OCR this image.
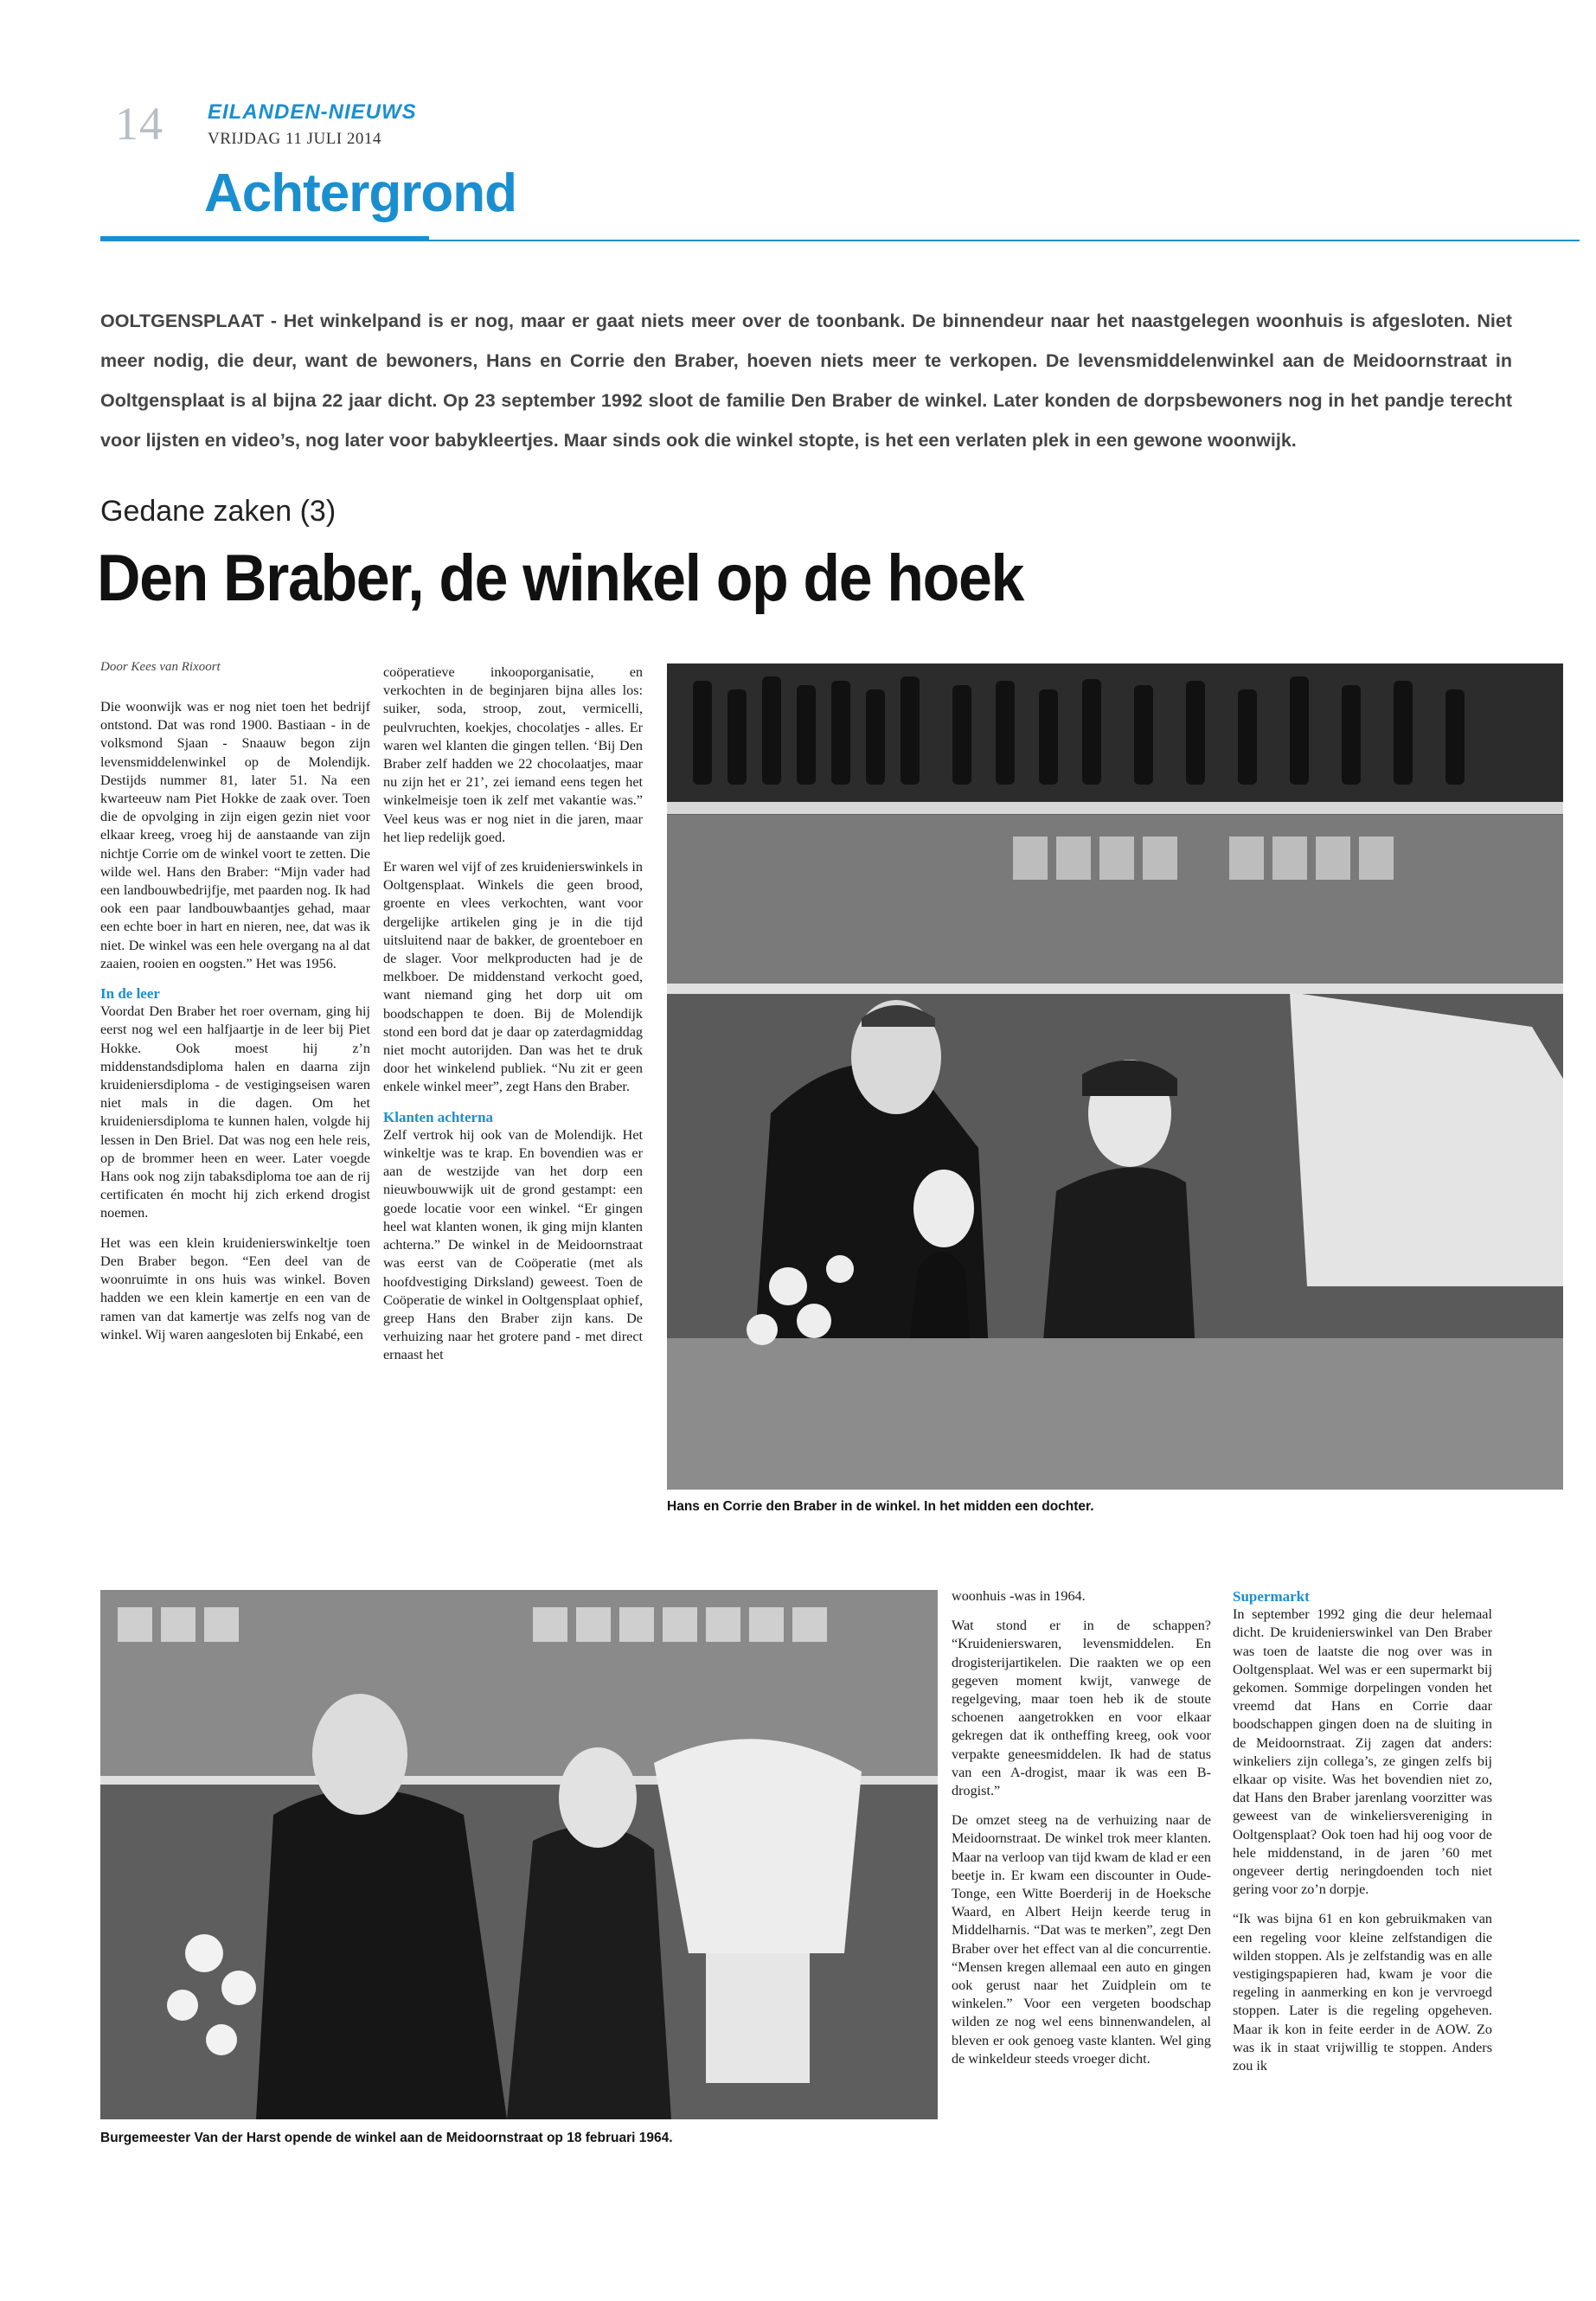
14 EILANDEN-NIEUWS
VRIJDAG 11 JULI 2014
Achtergrond
OOLTGENSPLAAT - Het winkelpand is er nog, maar er gaat niets meer over de toonbank. De binnendeur naar het naastgelegen woonhuis is afgesloten. Niet meer nodig, die deur, want de bewoners, Hans en Corrie den Braber, hoeven niets meer te verkopen. De levensmiddelenwinkel aan de Meidoornstraat in Ooltgensplaat is al bijna 22 jaar dicht. Op 23 september 1992 sloot de familie Den Braber de winkel. Later konden de dorpsbewoners nog in het pandje terecht voor lijsten en video’s, nog later voor babykleertjes. Maar sinds ook die winkel stopte, is het een verlaten plek in een gewone woonwijk.
Gedane zaken (3)
Den Braber, de winkel op de hoek
Door Kees van Rixoort

Die woonwijk was er nog niet toen het bedrijf ontstond. Dat was rond 1900. Bastiaan - in de volksmond Sjaan - Snaauw begon zijn levensmiddelenwinkel op de Molendijk. Destijds nummer 81, later 51. Na een kwarteeuw nam Piet Hokke de zaak over. Toen die de opvolging in zijn eigen gezin niet voor elkaar kreeg, vroeg hij de aanstaande van zijn nichtje Corrie om de winkel voort te zetten. Die wilde wel. Hans den Braber: “Mijn vader had een landbouwbedrijfje, met paarden nog. Ik had ook een paar landbouwbaantjes gehad, maar een echte boer in hart en nieren, nee, dat was ik niet. De winkel was een hele overgang na al dat zaaien, rooien en oogsten.” Het was 1956.

In de leer

Voordat Den Braber het roer overnam, ging hij eerst nog wel een halfjaartje in de leer bij Piet Hokke. Ook moest hij z’n middenstandsdiploma halen en daarna zijn kruideniersdiploma - de vestigingseisen waren niet mals in die dagen. Om het kruideniersdiploma te kunnen halen, volgde hij lessen in Den Briel. Dat was nog een hele reis, op de brommer heen en weer. Later voegde Hans ook nog zijn tabaksdiploma toe aan de rij certificaten én mocht hij zich erkend drogist noemen.

Het was een klein kruidenierswinkeltje toen Den Braber begon. “Een deel van de woonruimte in ons huis was winkel. Boven hadden we een klein kamertje en een van de ramen van dat kamertje was zelfs nog van de winkel. Wij waren aangesloten bij Enkabé, een

coöperatieve inkooporganisatie, en verkochten in de beginjaren bijna alles los: suiker, soda, stroop, zout, vermicelli, peulvruchten, koekjes, chocolatjes - alles. Er waren wel klanten die gingen tellen. ‘Bij Den Braber zelf hadden we 22 chocolaatjes, maar nu zijn het er 21’, zei iemand eens tegen het winkelmeisje toen ik zelf met vakantie was.” Veel keus was er nog niet in die jaren, maar het liep redelijk goed.

Er waren wel vijf of zes kruidenierswinkels in Ooltgensplaat. Winkels die geen brood, groente en vlees verkochten, want voor dergelijke artikelen ging je in die tijd uitsluitend naar de bakker, de groenteboer en de slager. Voor melkproducten had je de melkboer. De middenstand verkocht goed, want niemand ging het dorp uit om boodschappen te doen. Bij de Molendijk stond een bord dat je daar op zaterdagmiddag niet mocht autorijden. Dan was het te druk door het winkelend publiek. “Nu zit er geen enkele winkel meer”, zegt Hans den Braber.

Klanten achterna

Zelf vertrok hij ook van de Molendijk. Het winkeltje was te krap. En bovendien was er aan de westzijde van het dorp een nieuwbouwwijk uit de grond gestampt: een goede locatie voor een winkel. “Er gingen heel wat klanten wonen, ik ging mijn klanten achterna.” De winkel in de Meidoornstraat was eerst van de Coöperatie (met als hoofdvestiging Dirksland) geweest. Toen de Coöperatie de winkel in Ooltgensplaat ophief, greep Hans den Braber zijn kans. De verhuizing naar het grotere pand - met direct ernaast het

Hans en Corrie den Braber in de winkel. In het midden een dochter.
Burgemeester Van der Harst opende de winkel aan de Meidoornstraat op 18 februari 1964.

woonhuis -was in 1964.

Wat stond er in de schappen? “Kruidenierswaren, levensmiddelen. En drogisterijartikelen. Die raakten we op een gegeven moment kwijt, vanwege de regelgeving, maar toen heb ik de stoute schoenen aangetrokken en voor elkaar gekregen dat ik ontheffing kreeg, ook voor verpakte geneesmiddelen. Ik had de status van een A-drogist, maar ik was een B-drogist.”

De omzet steeg na de verhuizing naar de Meidoornstraat. De winkel trok meer klanten. Maar na verloop van tijd kwam de klad er een beetje in. Er kwam een discounter in Oude-Tonge, een Witte Boerderij in de Hoeksche Waard, en Albert Heijn keerde terug in Middelharnis. “Dat was te merken”, zegt Den Braber over het effect van al die concurrentie. “Mensen kregen allemaal een auto en gingen ook gerust naar het Zuidplein om te winkelen.” Voor een vergeten boodschap wilden ze nog wel eens binnenwandelen, al bleven er ook genoeg vaste klanten. Wel ging de winkeldeur steeds vroeger dicht.

Supermarkt

In september 1992 ging die deur helemaal dicht. De kruidenierswinkel van Den Braber was toen de laatste die nog over was in Ooltgensplaat. Wel was er een supermarkt bij gekomen. Sommige dorpelingen vonden het vreemd dat Hans en Corrie daar boodschappen gingen doen na de sluiting in de Meidoornstraat. Zij zagen dat anders: winkeliers zijn collega’s, ze gingen zelfs bij elkaar op visite. Was het bovendien niet zo, dat Hans den Braber jarenlang voorzitter was geweest van de winkeliersvereniging in Ooltgensplaat? Ook toen had hij oog voor de hele middenstand, in de jaren ’60 met ongeveer dertig neringdoenden toch niet gering voor zo’n dorpje.

“Ik was bijna 61 en kon gebruikmaken van een regeling voor kleine zelfstandigen die wilden stoppen. Als je zelfstandig was en alle vestigingspapieren had, kwam je voor die regeling in aanmerking en kon je vervroegd stoppen. Later is die regeling opgeheven. Maar ik kon in feite eerder in de AOW. Zo was ik in staat vrijwillig te stoppen. Anders zou ik
